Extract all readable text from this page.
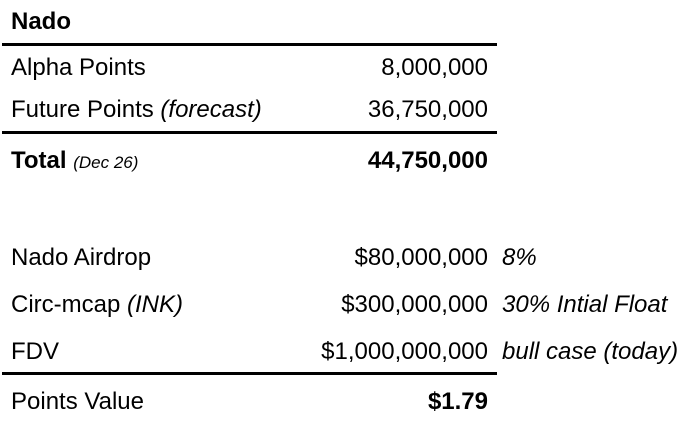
Nado
Alpha Points	8,000,000
Future Points (forecast)	36,750,000
Total (Dec 26)	44,750,000
Nado Airdrop	$80,000,000 8%
Circ-mcap (INK)	$300,000,000 30% Intial Float
FDV	$1,000,000,000 bull case (today)
Points Value	$1.79
